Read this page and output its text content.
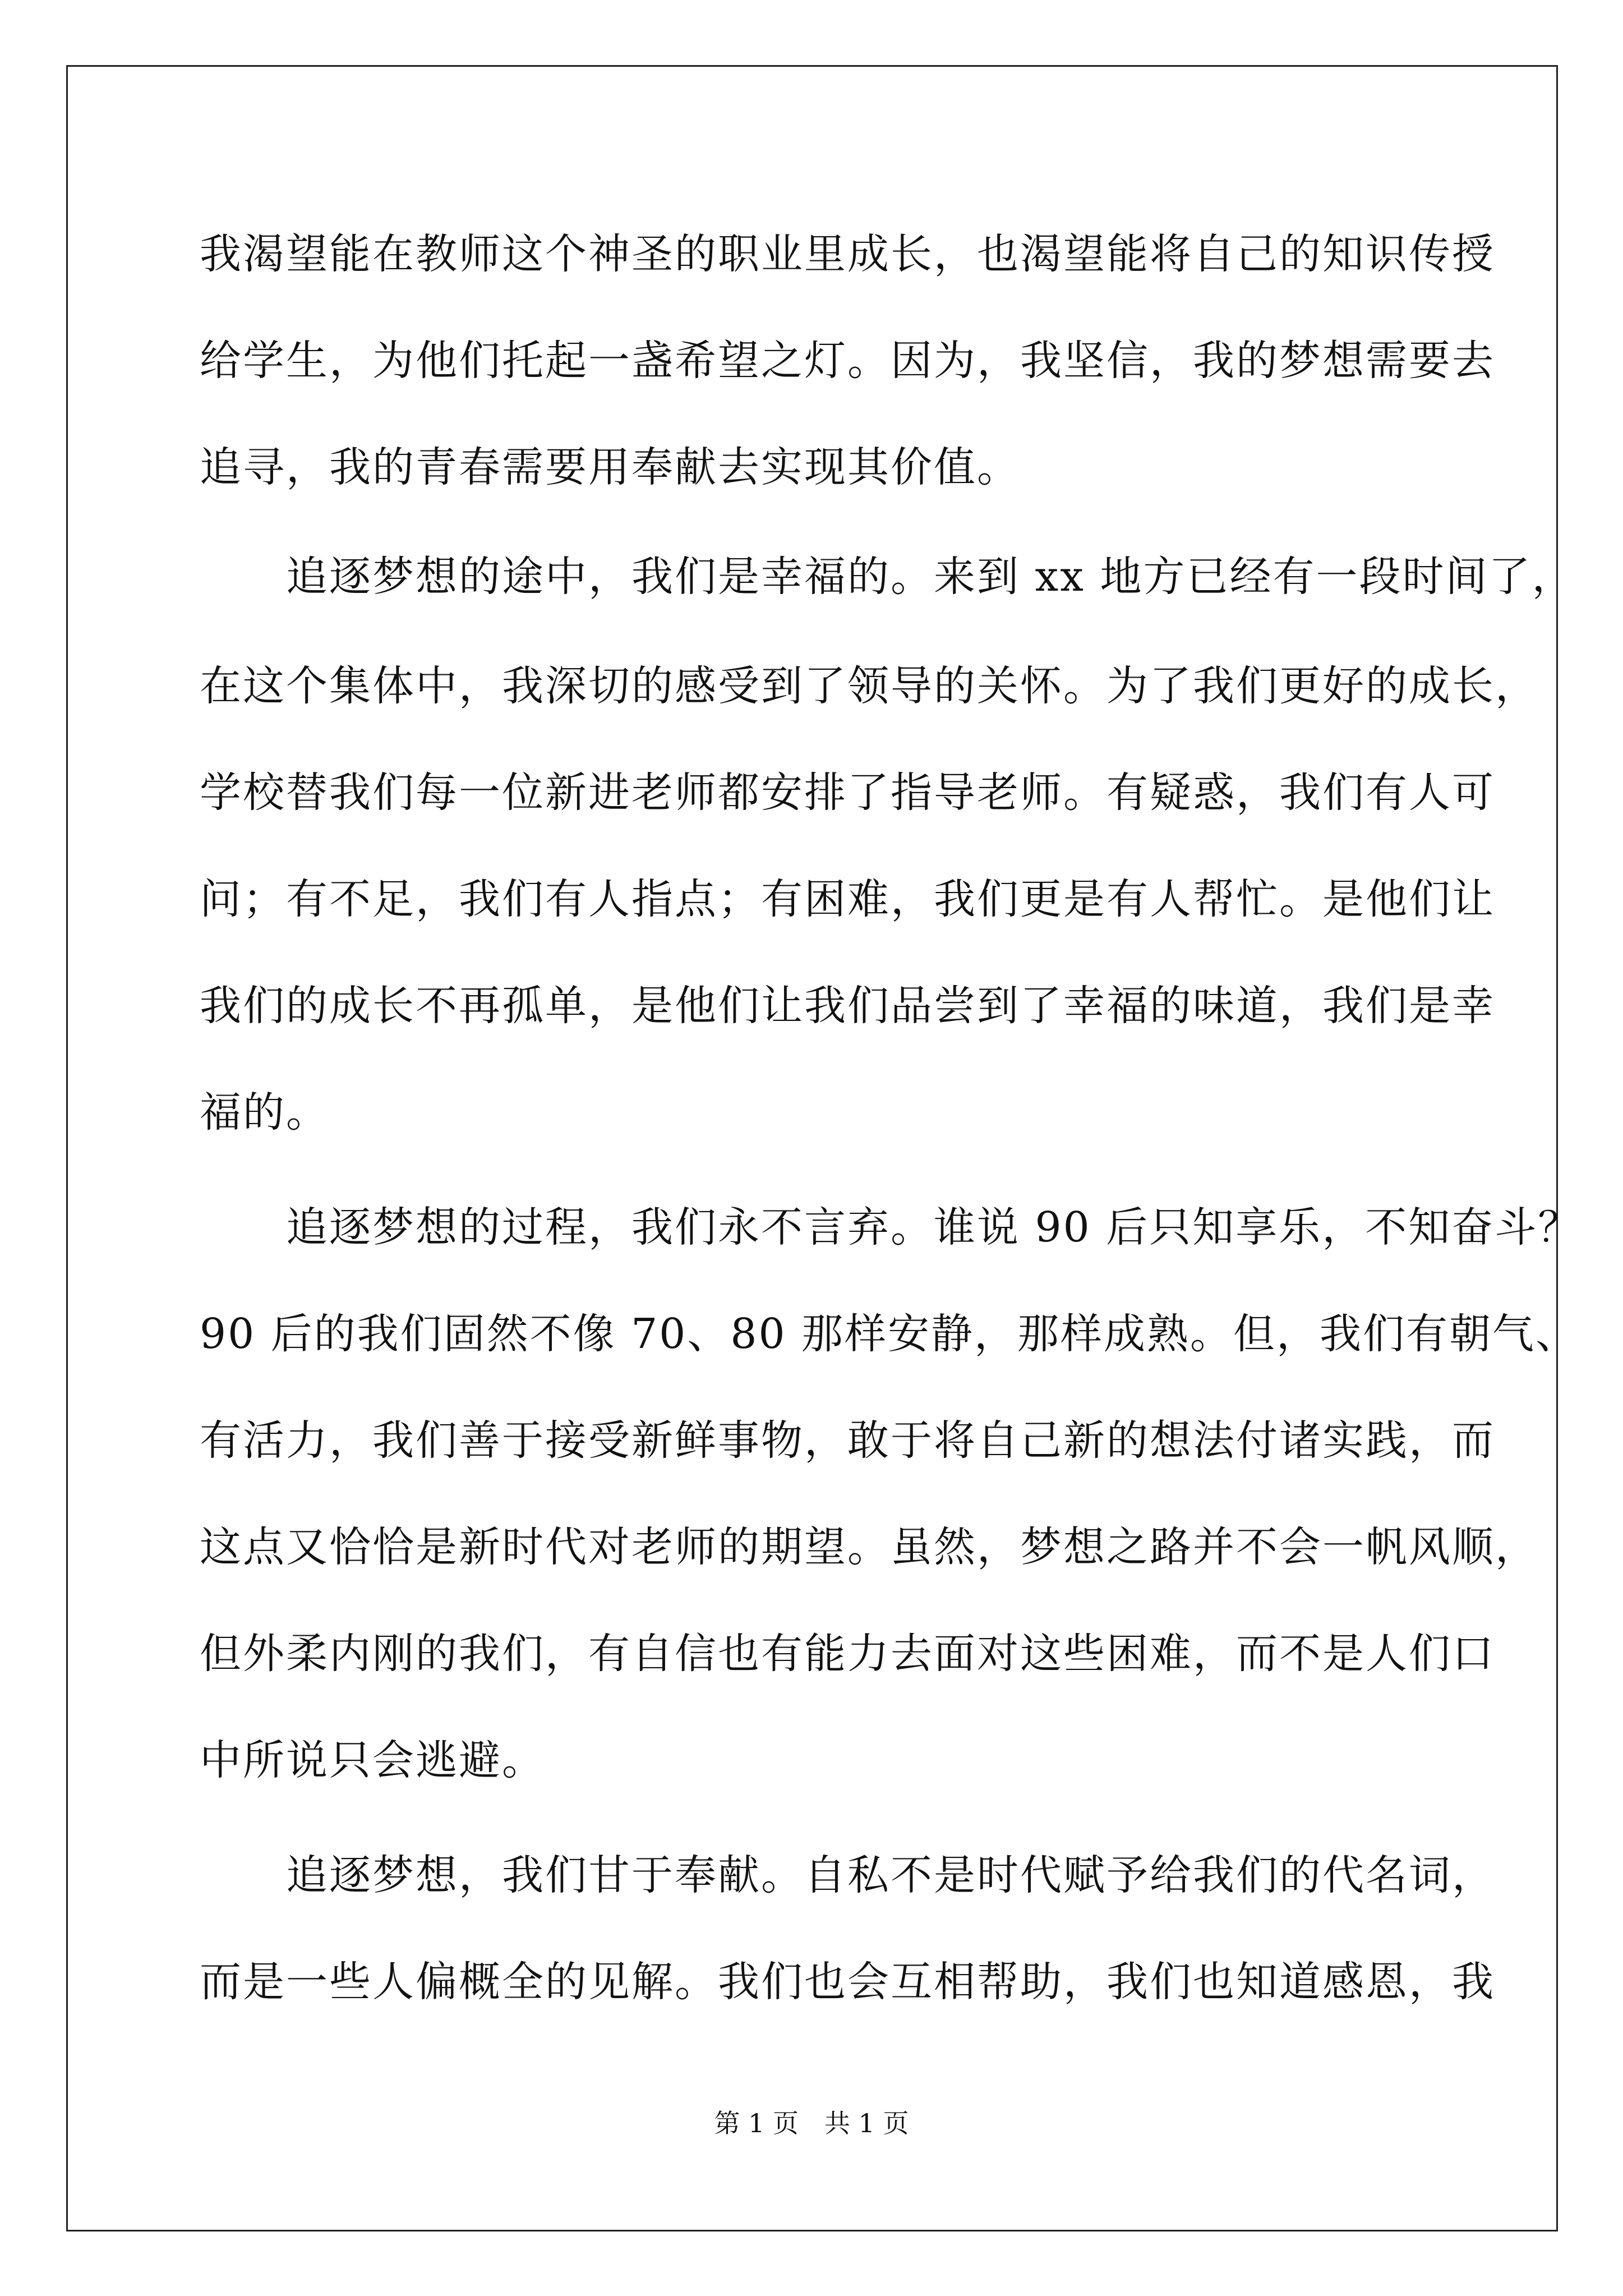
我渴望能在教师这个神圣的职业里成长，也渴望能将自己的知识传授
给学生，为他们托起一盏希望之灯。因为，我坚信，我的梦想需要去
追寻，我的青春需要用奉献去实现其价值。
　　追逐梦想的途中，我们是幸福的。来到 xx 地方已经有一段时间了，
在这个集体中，我深切的感受到了领导的关怀。为了我们更好的成长，
学校替我们每一位新进老师都安排了指导老师。有疑惑，我们有人可
问；有不足，我们有人指点；有困难，我们更是有人帮忙。是他们让
我们的成长不再孤单，是他们让我们品尝到了幸福的味道，我们是幸
福的。
　　追逐梦想的过程，我们永不言弃。谁说 90 后只知享乐，不知奋斗？
90 后的我们固然不像 70、80 那样安静，那样成熟。但，我们有朝气、
有活力，我们善于接受新鲜事物，敢于将自己新的想法付诸实践，而
这点又恰恰是新时代对老师的期望。虽然，梦想之路并不会一帆风顺，
但外柔内刚的我们，有自信也有能力去面对这些困难，而不是人们口
中所说只会逃避。
　　追逐梦想，我们甘于奉献。自私不是时代赋予给我们的代名词，
而是一些人偏概全的见解。我们也会互相帮助，我们也知道感恩，我
第 1 页　共 1 页
